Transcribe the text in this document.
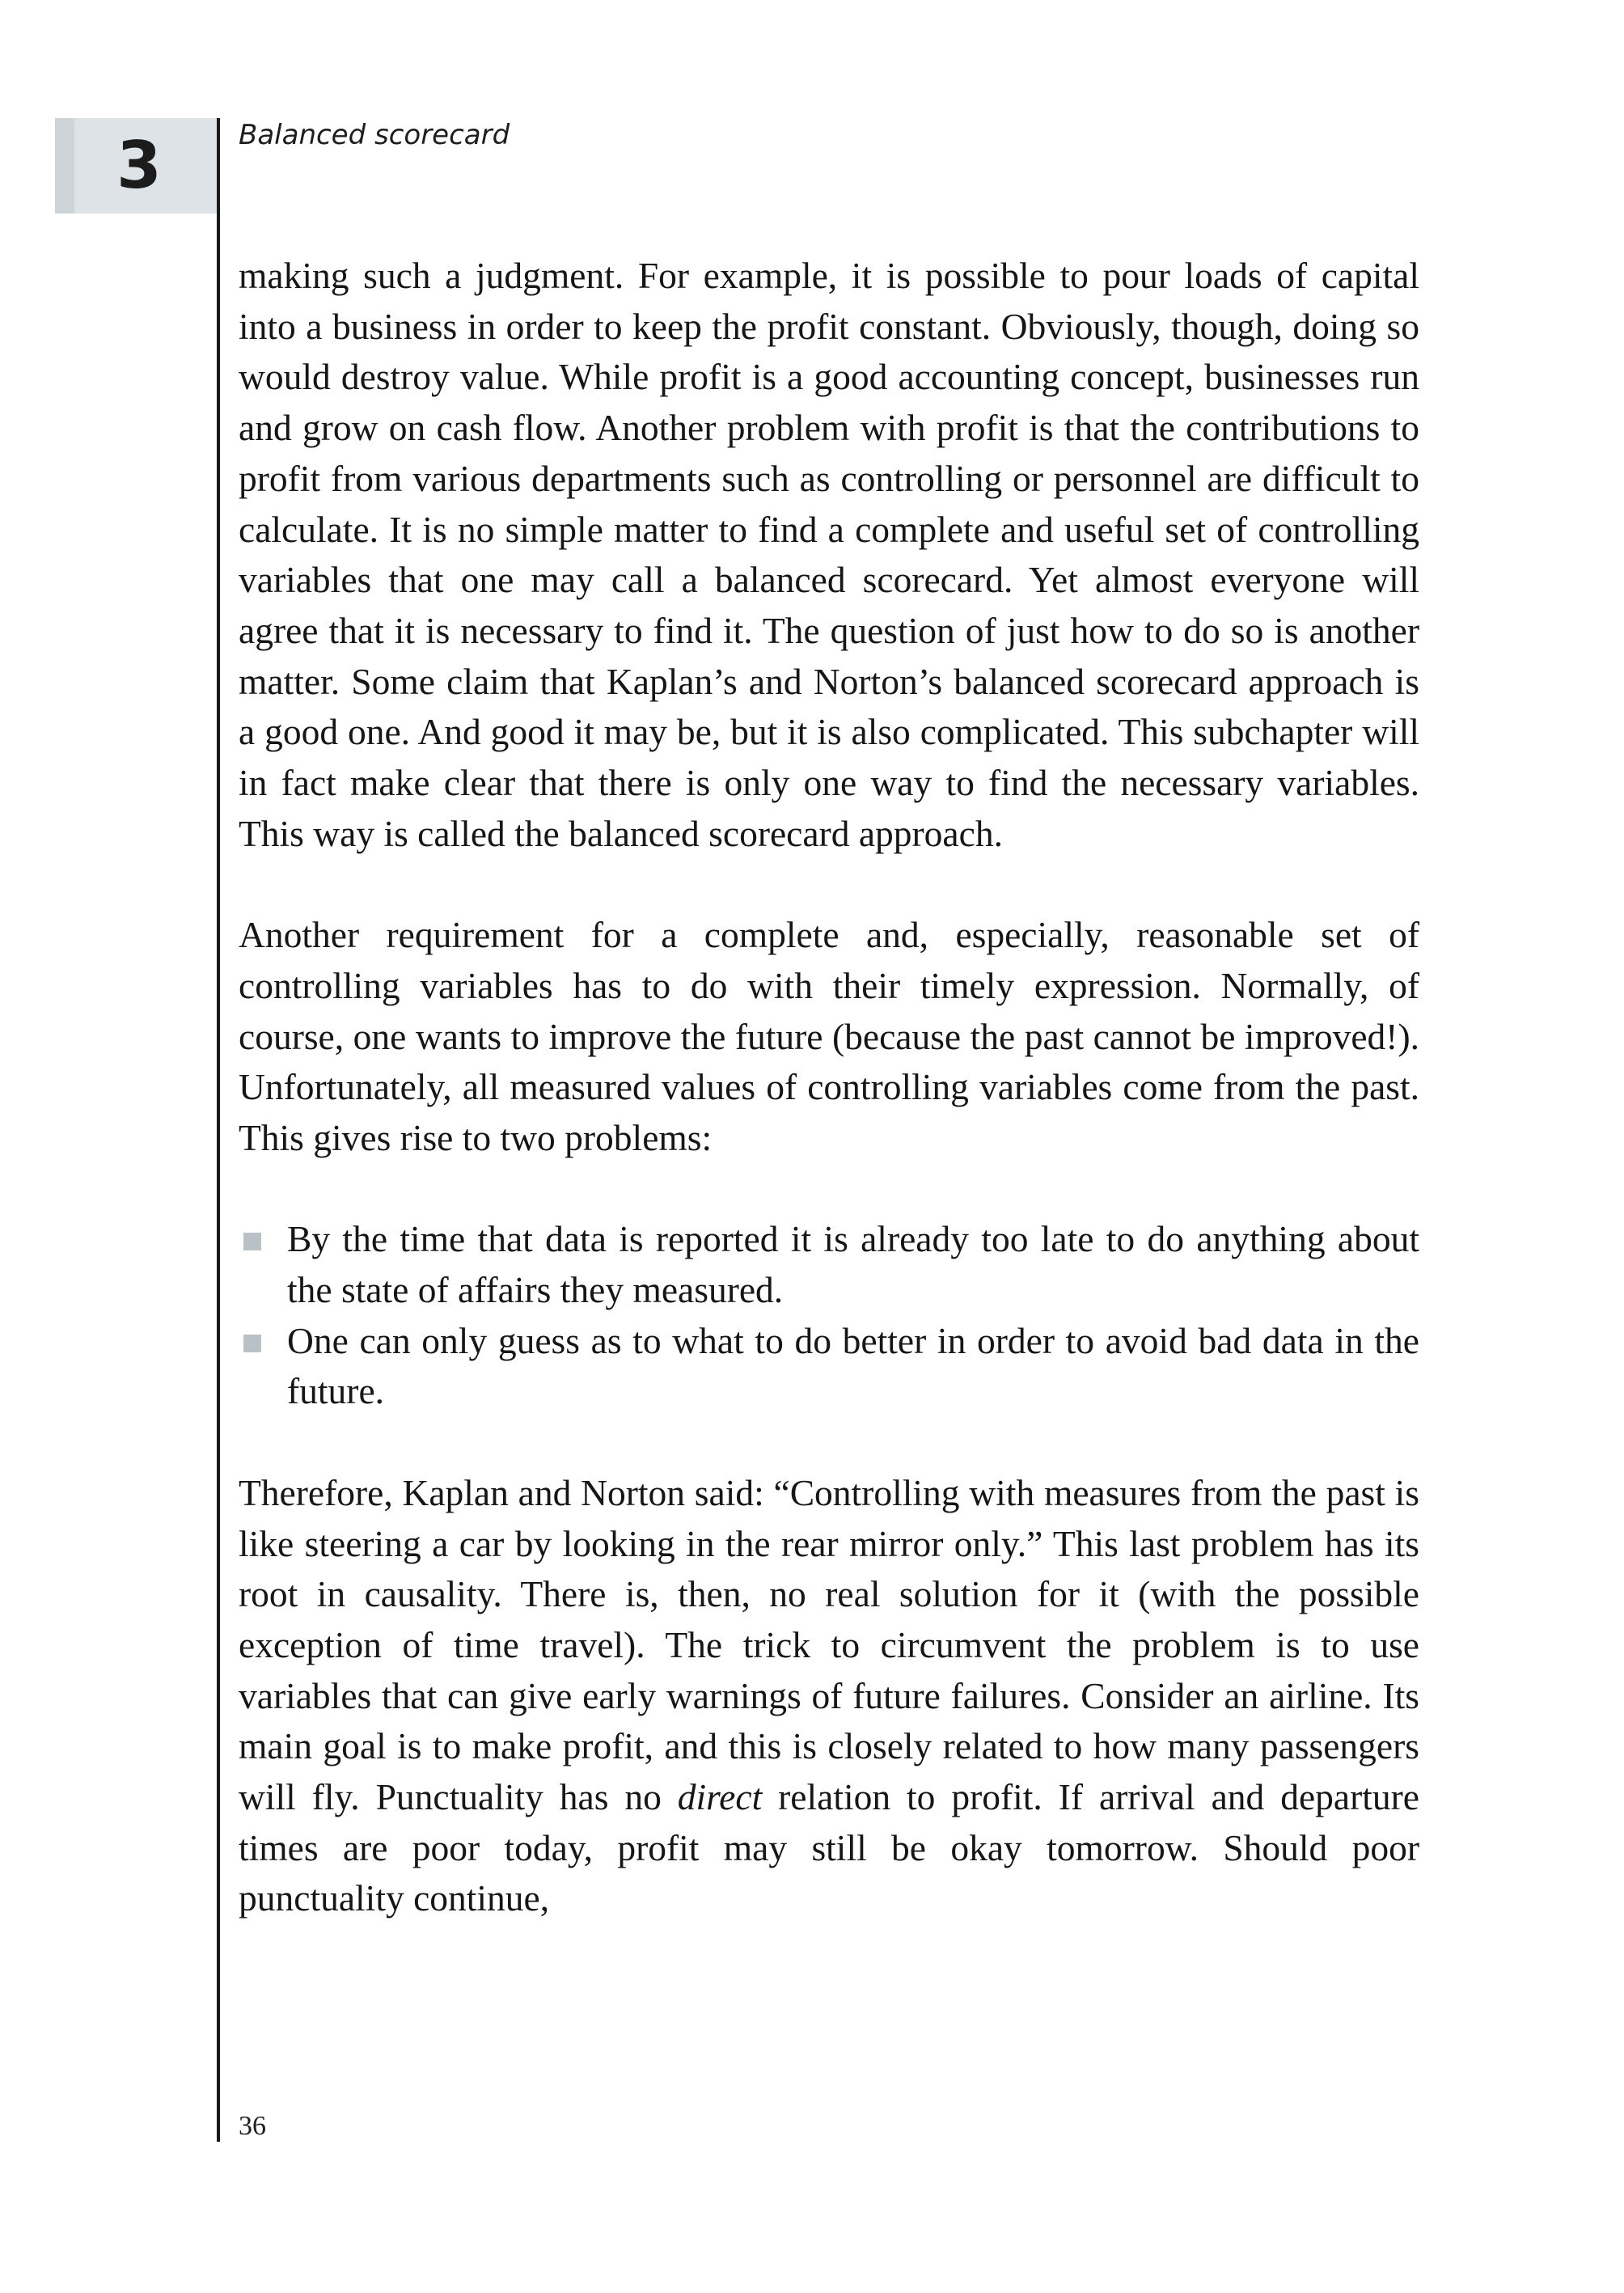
3	Balanced scorecard

making such a judgment. For example, it is possible to pour loads of capital into a business in order to keep the profit constant. Obviously, though, doing so would destroy value. While profit is a good accounting concept, businesses run and grow on cash flow. Another problem with profit is that the contributions to profit from various departments such as controlling or personnel are difficult to calculate. It is no simple matter to find a complete and useful set of controlling variables that one may call a balanced scorecard. Yet almost everyone will agree that it is necessary to find it. The question of just how to do so is another matter. Some claim that Kaplan’s and Norton’s balanced scorecard approach is a good one. And good it may be, but it is also complicated. This subchapter will in fact make clear that there is only one way to find the necessary variables. This way is called the balanced scorecard approach.

Another requirement for a complete and, especially, reasonable set of controlling variables has to do with their timely expression. Normally, of course, one wants to improve the future (because the past cannot be improved!). Unfortunately, all measured values of controlling variables come from the past. This gives rise to two problems:

By the time that data is reported it is already too late to do anything about the state of affairs they measured.
One can only guess as to what to do better in order to avoid bad data in the future.

Therefore, Kaplan and Norton said: “Controlling with measures from the past is like steering a car by looking in the rear mirror only.” This last problem has its root in causality. There is, then, no real solution for it (with the possible exception of time travel). The trick to circumvent the problem is to use variables that can give early warnings of future failures. Consider an airline. Its main goal is to make profit, and this is closely related to how many passengers will fly. Punctuality has no direct relation to profit. If arrival and departure times are poor today, profit may still be okay tomorrow. Should poor punctuality continue,

36
